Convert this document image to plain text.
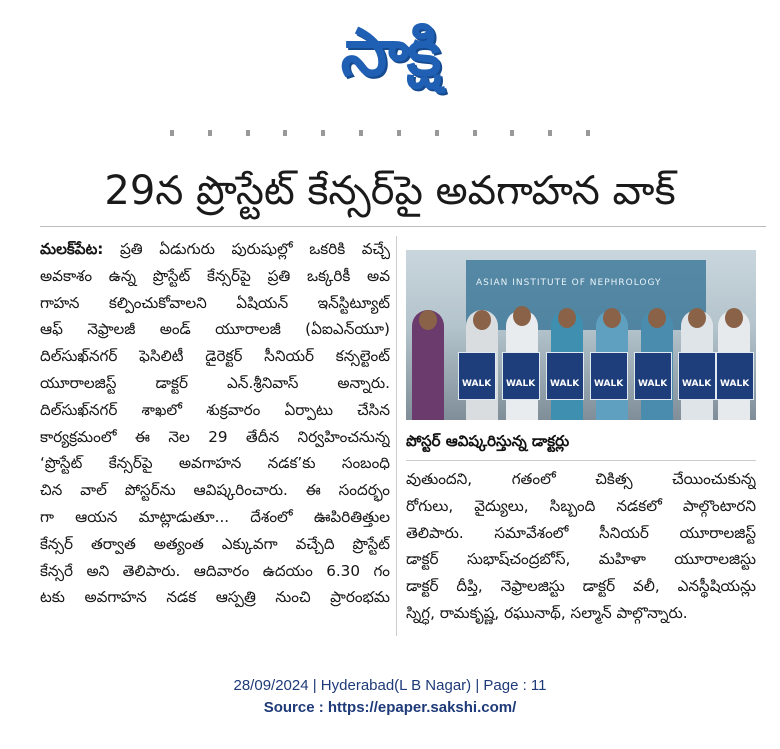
సాక్షి
29న ప్రొస్టేట్ కేన్సర్‌పై అవగాహన వాక్
మలక్‌పేట: ప్రతి ఏడుగురు పురుషుల్లో ఒకరికి వచ్చే
అవకాశం ఉన్న ప్రొస్టేట్ కేన్సర్‌పై ప్రతి ఒక్కరికీ అవ
గాహన కల్పించుకోవాలని ఏషియన్ ఇన్‌స్టిట్యూట్
ఆఫ్ నెఫ్రాలజీ అండ్ యూరాలజీ (ఏఐఎన్‌యూ)
దిల్‌సుఖ్‌నగర్ ఫెసిలిటీ డైరెక్టర్ సీనియర్ కన్సల్టెంట్
యూరాలజిస్ట్ డాక్టర్ ఎన్.శ్రీనివాస్ అన్నారు.
దిల్‌సుఖ్‌నగర్ శాఖలో శుక్రవారం ఏర్పాటు చేసిన
కార్యక్రమంలో ఈ నెల 29 తేదీన నిర్వహించనున్న
‘ప్రొస్టేట్ కేన్సర్‌పై అవగాహన నడక’కు సంబంధి
చిన వాల్ పోస్టర్‌ను ఆవిష్కరించారు. ఈ సందర్భం
గా ఆయన మాట్లాడుతూ... దేశంలో ఊపిరితిత్తుల
కేన్సర్ తర్వాత అత్యంత ఎక్కువగా వచ్చేది ప్రొస్టేట్
కేన్సరే అని తెలిపారు. ఆదివారం ఉదయం 6.30 గం
టకు అవగాహన నడక ఆస్పత్రి నుంచి ప్రారంభమ
ASIAN INSTITUTE OF NEPHROLOGY
WALK WALK WALK WALK WALK WALK WALK
పోస్టర్ ఆవిష్కరిస్తున్న డాక్టర్లు
వుతుందని, గతంలో చికిత్స చేయించుకున్న
రోగులు, వైద్యులు, సిబ్బంది నడకలో పాల్గొంటారని
తెలిపారు. సమావేశంలో సీనియర్ యూరాలజిస్ట్
డాక్టర్ సుభాష్‌చంద్రబోస్, మహిళా యూరాలజిస్టు
డాక్టర్ దీప్తి, నెఫ్రాలజిస్టు డాక్టర్ వలీ, ఎనస్థీషియన్లు
స్నిగ్ధ, రామకృష్ణ, రఘునాథ్, సల్మాన్ పాల్గొన్నారు.
28/09/2024 | Hyderabad(L B Nagar) | Page : 11
Source : https://epaper.sakshi.com/
